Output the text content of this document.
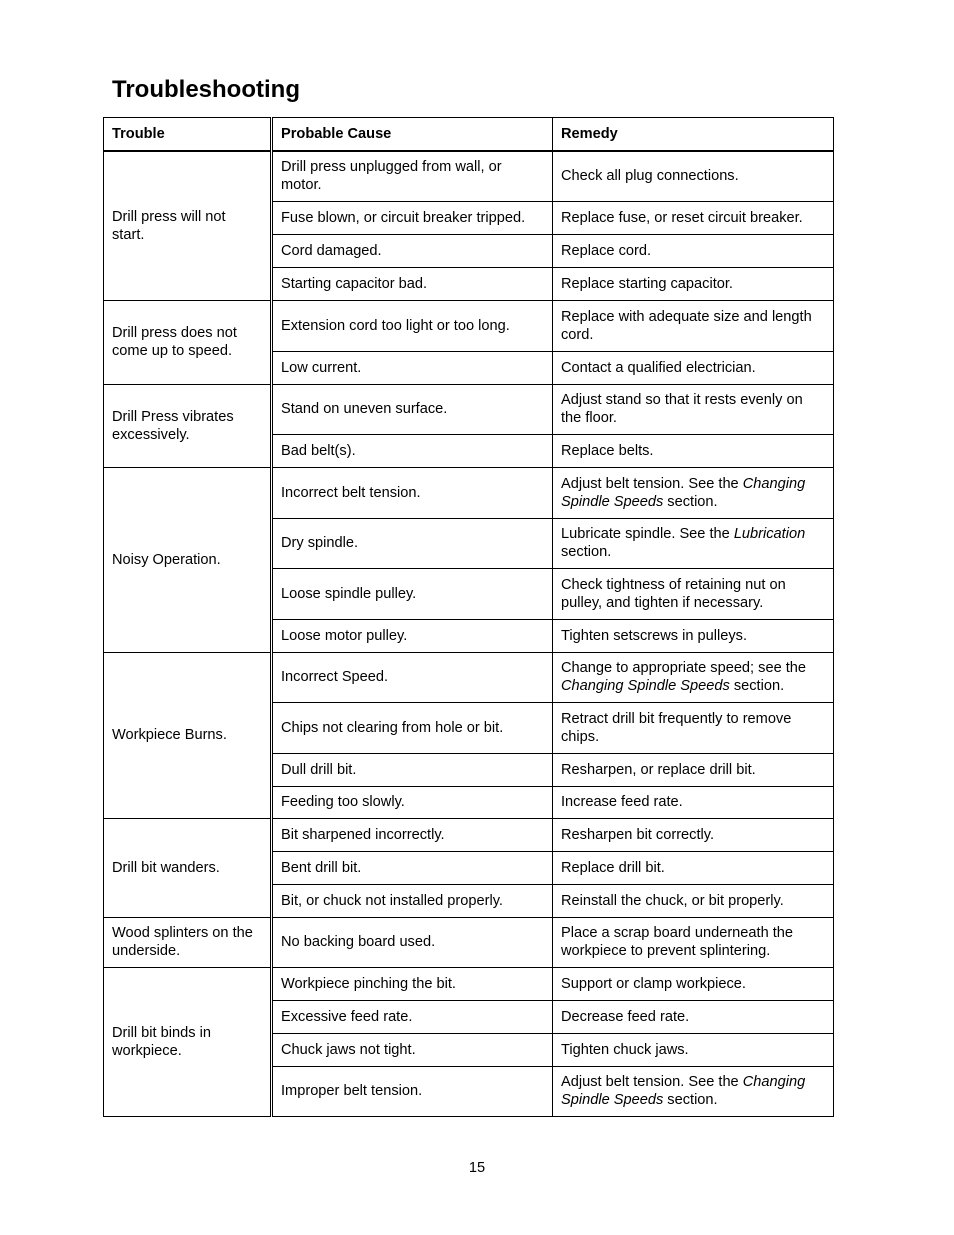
Troubleshooting
Trouble	Probable Cause	Remedy
Drill press will not start.	Drill press unplugged from wall, or motor.	Check all plug connections.
	Fuse blown, or circuit breaker tripped.	Replace fuse, or reset circuit breaker.
	Cord damaged.	Replace cord.
	Starting capacitor bad.	Replace starting capacitor.
Drill press does not come up to speed.	Extension cord too light or too long.	Replace with adequate size and length cord.
	Low current.	Contact a qualified electrician.
Drill Press vibrates excessively.	Stand on uneven surface.	Adjust stand so that it rests evenly on the floor.
	Bad belt(s).	Replace belts.
Noisy Operation.	Incorrect belt tension.	Adjust belt tension. See the Changing Spindle Speeds section.
	Dry spindle.	Lubricate spindle. See the Lubrication section.
	Loose spindle pulley.	Check tightness of retaining nut on pulley, and tighten if necessary.
	Loose motor pulley.	Tighten setscrews in pulleys.
Workpiece Burns.	Incorrect Speed.	Change to appropriate speed; see the Changing Spindle Speeds section.
	Chips not clearing from hole or bit.	Retract drill bit frequently to remove chips.
	Dull drill bit.	Resharpen, or replace drill bit.
	Feeding too slowly.	Increase feed rate.
Drill bit wanders.	Bit sharpened incorrectly.	Resharpen bit correctly.
	Bent drill bit.	Replace drill bit.
	Bit, or chuck not installed properly.	Reinstall the chuck, or bit properly.
Wood splinters on the underside.	No backing board used.	Place a scrap board underneath the workpiece to prevent splintering.
Drill bit binds in workpiece.	Workpiece pinching the bit.	Support or clamp workpiece.
	Excessive feed rate.	Decrease feed rate.
	Chuck jaws not tight.	Tighten chuck jaws.
	Improper belt tension.	Adjust belt tension. See the Changing Spindle Speeds section.
15
